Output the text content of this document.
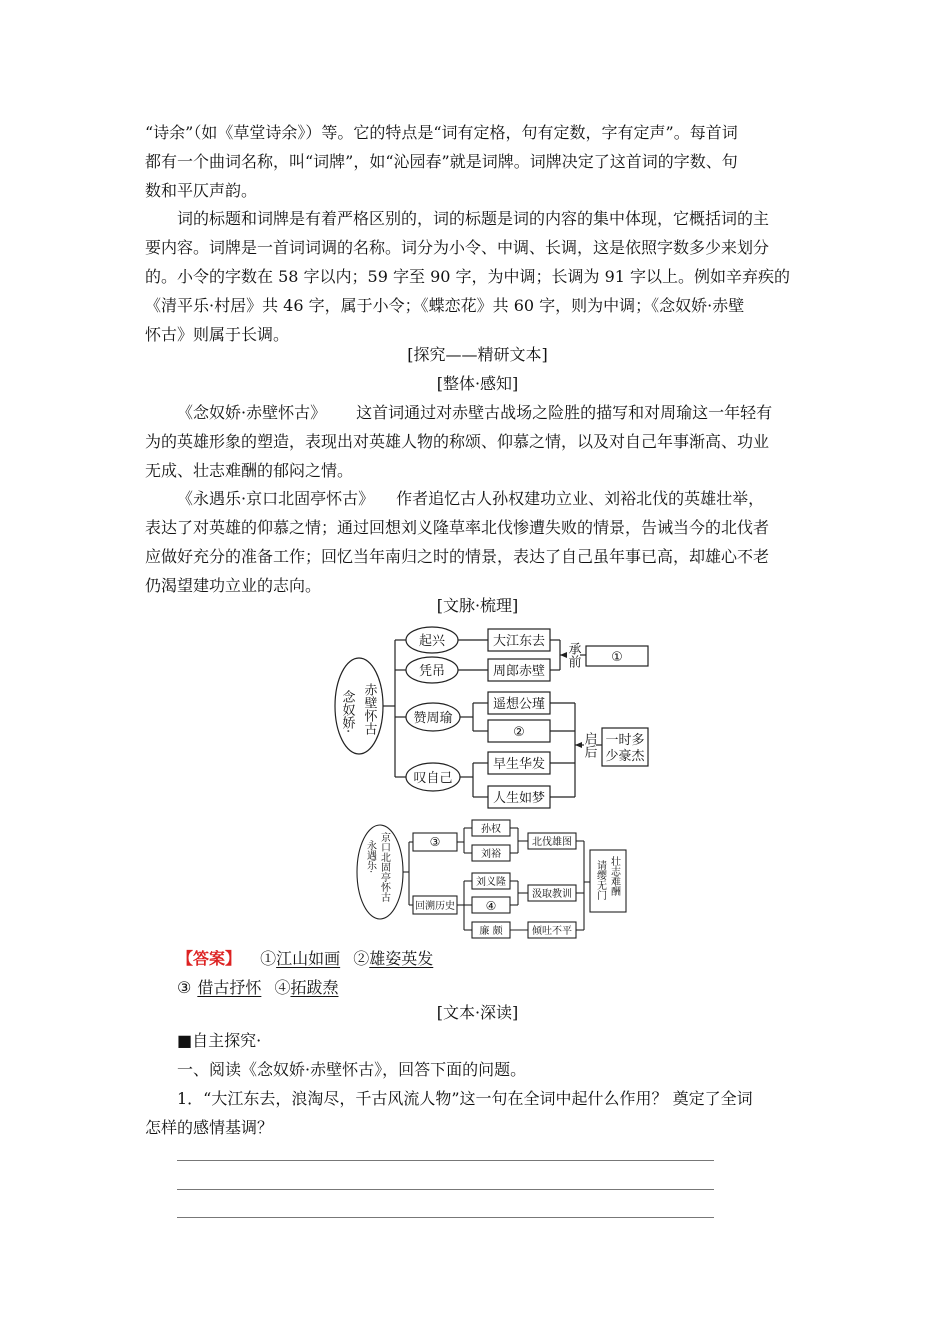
“诗余”（如《草堂诗余》）等。它的特点是“词有定格，句有定数，字有定声”。每首词
都有一个曲词名称，叫“词牌”，如“沁园春”就是词牌。词牌决定了这首词的字数、句
数和平仄声韵。
词的标题和词牌是有着严格区别的，词的标题是词的内容的集中体现，它概括词的主
要内容。词牌是一首词词调的名称。词分为小令、中调、长调，这是依照字数多少来划分
的。小令的字数在 58 字以内；59 字至 90 字，为中调；长调为 91 字以上。例如辛弃疾的
《清平乐·村居》共 46 字，属于小令；《蝶恋花》共 60 字，则为中调；《念奴娇·赤壁
怀古》则属于长调。
[探究——精研文本]
[整体·感知]
《念奴娇·赤壁怀古》 这首词通过对赤壁古战场之险胜的描写和对周瑜这一年轻有
为的英雄形象的塑造，表现出对英雄人物的称颂、仰慕之情，以及对自己年事渐高、功业
无成、壮志难酬的郁闷之情。
《永遇乐·京口北固亭怀古》 作者追忆古人孙权建功立业、刘裕北伐的英雄壮举，
表达了对英雄的仰慕之情；通过回想刘义隆草率北伐惨遭失败的情景，告诫当今的北伐者
应做好充分的准备工作；回忆当年南归之时的情景，表达了自己虽年事已高，却雄心不老
仍渴望建功立业的志向。
[文脉·梳理]
念奴娇· 赤壁怀古
起兴
凭吊
赞周瑜
叹自己
大江东去
周郎赤壁
遥想公瑾
②
早生华发
人生如梦
承前
启后
①
一时多
少豪杰
永遇乐· 京口北固亭怀古	③
回溯历史
孙权
刘裕
刘义隆
④
廉 颇
北伐雄图
汲取教训
倾吐不平
请缨无门 壮志难酬
【答案】 ①江山如画 ②雄姿英发
③ 借古抒怀 ④拓跋焘
[文本·深读]
■自主探究·
一、阅读《念奴娇·赤壁怀古》，回答下面的问题。
1．“大江东去，浪淘尽，千古风流人物”这一句在全词中起什么作用？ 奠定了全词
怎样的感情基调？
